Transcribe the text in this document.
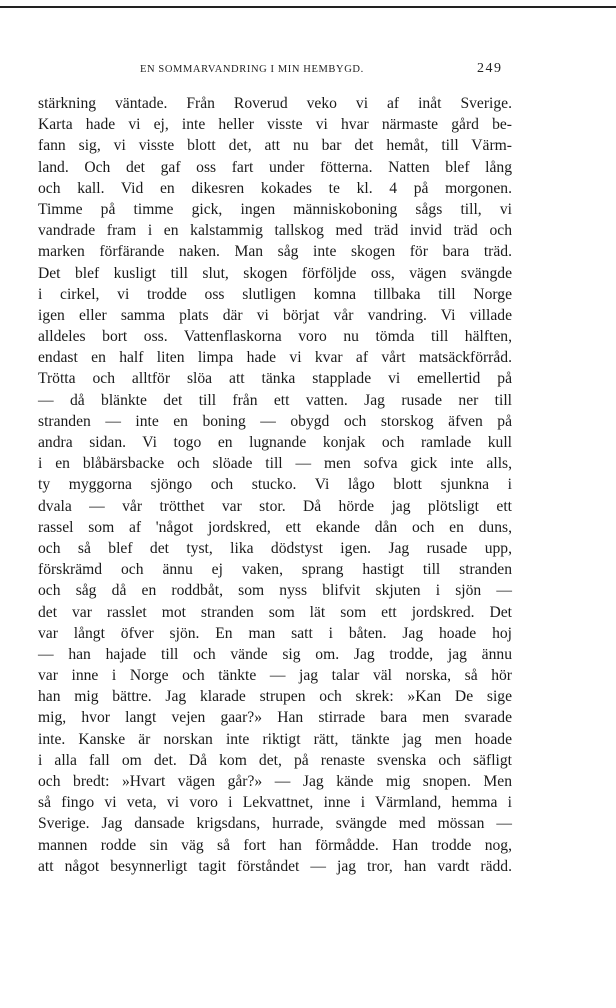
EN SOMMARVANDRING I MIN HEMBYGD.	249
stärkning väntade. Från Roverud veko vi af inåt Sverige.
Karta hade vi ej, inte heller visste vi hvar närmaste gård be-
fann sig, vi visste blott det, att nu bar det hemåt, till Värm-
land. Och det gaf oss fart under fötterna. Natten blef lång
och kall. Vid en dikesren kokades te kl. 4 på morgonen.
Timme på timme gick, ingen människoboning sågs till, vi
vandrade fram i en kalstammig tallskog med träd invid träd och
marken förfärande naken. Man såg inte skogen för bara träd.
Det blef kusligt till slut, skogen förföljde oss, vägen svängde
i cirkel, vi trodde oss slutligen komna tillbaka till Norge
igen eller samma plats där vi börjat vår vandring. Vi villade
alldeles bort oss. Vattenflaskorna voro nu tömda till hälften,
endast en half liten limpa hade vi kvar af vårt matsäckförråd.
Trötta och alltför slöa att tänka stapplade vi emellertid på
— då blänkte det till från ett vatten. Jag rusade ner till
stranden — inte en boning — obygd och storskog äfven på
andra sidan. Vi togo en lugnande konjak och ramlade kull
i en blåbärsbacke och slöade till — men sofva gick inte alls,
ty myggorna sjöngo och stucko. Vi lågo blott sjunkna i
dvala — vår trötthet var stor. Då hörde jag plötsligt ett
rassel som af 'något jordskred, ett ekande dån och en duns,
och så blef det tyst, lika dödstyst igen. Jag rusade upp,
förskrämd och ännu ej vaken, sprang hastigt till stranden
och såg då en roddbåt, som nyss blifvit skjuten i sjön —
det var rasslet mot stranden som lät som ett jordskred. Det
var långt öfver sjön. En man satt i båten. Jag hoade hoj
— han hajade till och vände sig om. Jag trodde, jag ännu
var inne i Norge och tänkte — jag talar väl norska, så hör
han mig bättre. Jag klarade strupen och skrek: »Kan De sige
mig, hvor langt vejen gaar?» Han stirrade bara men svarade
inte. Kanske är norskan inte riktigt rätt, tänkte jag men hoade
i alla fall om det. Då kom det, på renaste svenska och säfligt
och bredt: »Hvart vägen går?» — Jag kände mig snopen. Men
så fingo vi veta, vi voro i Lekvattnet, inne i Värmland, hemma i
Sverige. Jag dansade krigsdans, hurrade, svängde med mössan —
mannen rodde sin väg så fort han förmådde. Han trodde nog,
att något besynnerligt tagit förståndet — jag tror, han vardt rädd.
